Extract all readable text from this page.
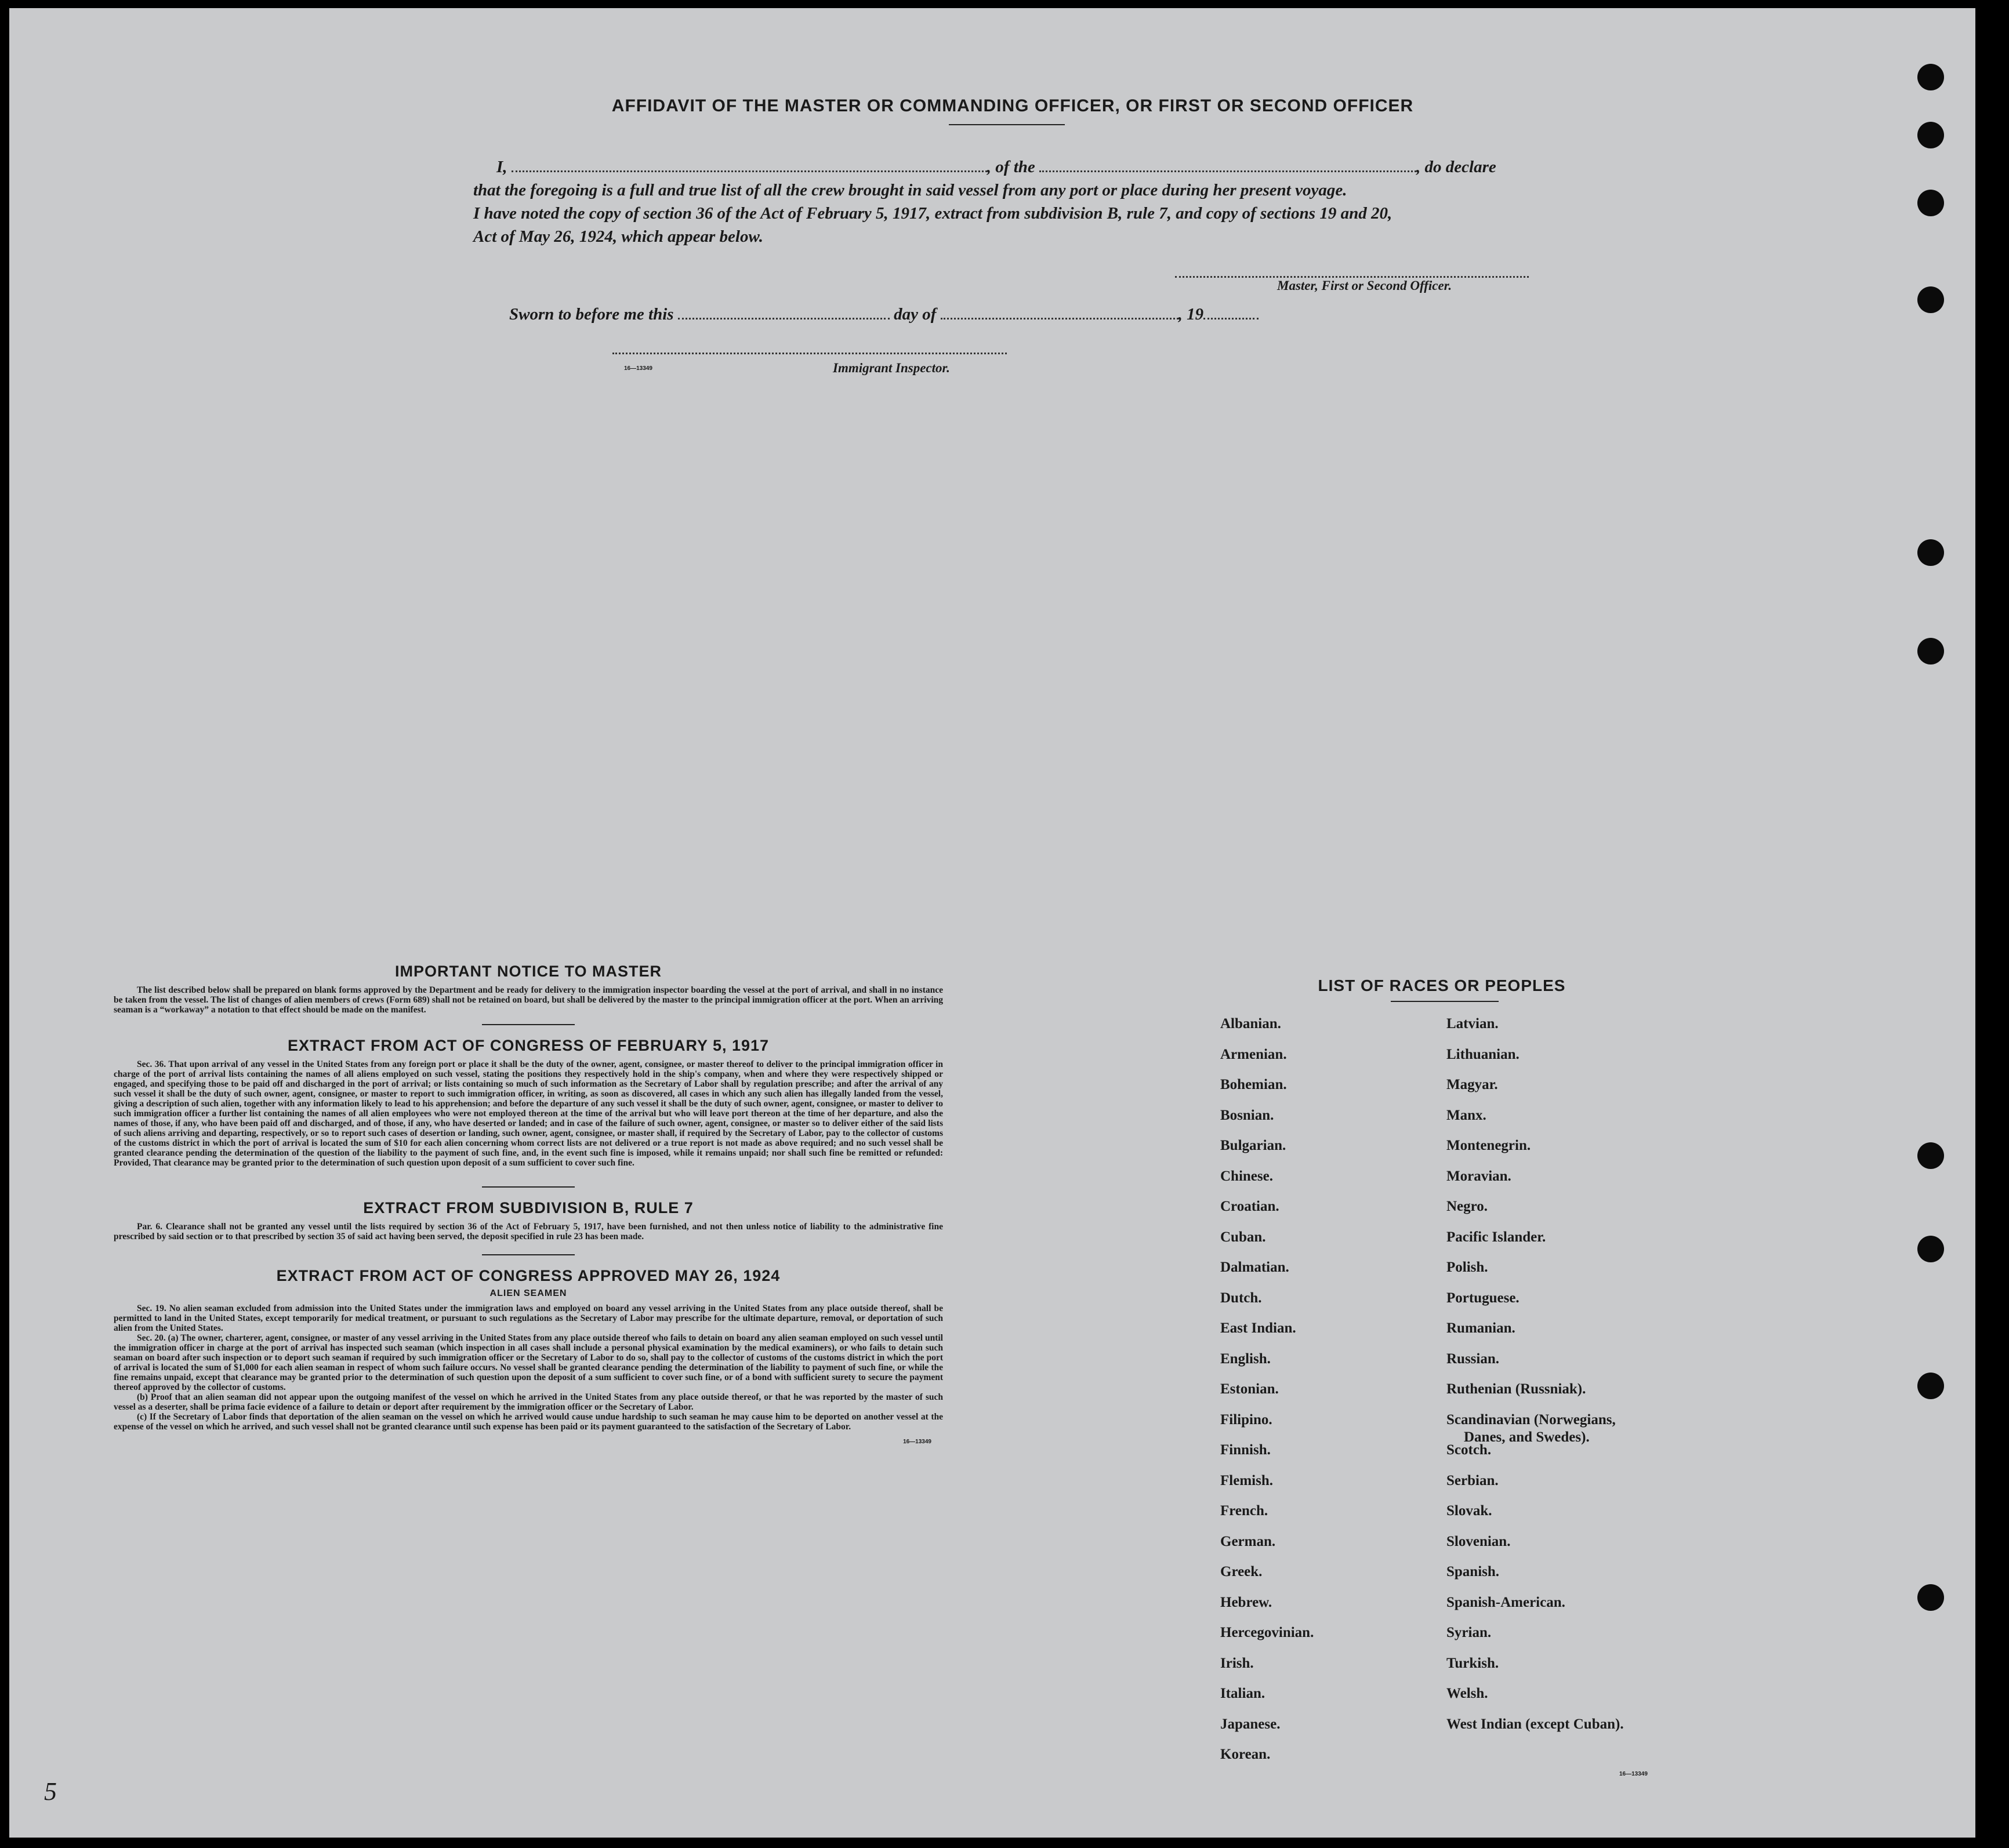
AFFIDAVIT OF THE MASTER OR COMMANDING OFFICER, OR FIRST OR SECOND OFFICER
I,	, of the	, do declare
that the foregoing is a full and true list of all the crew brought in said vessel from any port or place during her present voyage.
I have noted the copy of section 36 of the Act of February 5, 1917, extract from subdivision B, rule 7, and copy of sections 19 and 20,
Act of May 26, 1924, which appear below.
Master, First or Second Officer.
Sworn to before me this	day of	, 19
16—13349	Immigrant Inspector.
IMPORTANT NOTICE TO MASTER

The list described below shall be prepared on blank forms approved by the Department and be ready for delivery to the immigration inspector boarding the vessel at the port of arrival, and shall in no instance be taken from the vessel. The list of changes of alien members of crews (Form 689) shall not be retained on board, but shall be delivered by the master to the principal immigration officer at the port. When an arriving seaman is a “workaway” a notation to that effect should be made on the manifest.

EXTRACT FROM ACT OF CONGRESS OF FEBRUARY 5, 1917

Sec. 36. That upon arrival of any vessel in the United States from any foreign port or place it shall be the duty of the owner, agent, consignee, or master thereof to deliver to the principal immigration officer in charge of the port of arrival lists containing the names of all aliens employed on such vessel, stating the positions they respectively hold in the ship's company, when and where they were respectively shipped or engaged, and specifying those to be paid off and discharged in the port of arrival; or lists containing so much of such information as the Secretary of Labor shall by regulation prescribe; and after the arrival of any such vessel it shall be the duty of such owner, agent, consignee, or master to report to such immigration officer, in writing, as soon as discovered, all cases in which any such alien has illegally landed from the vessel, giving a description of such alien, together with any information likely to lead to his apprehension; and before the departure of any such vessel it shall be the duty of such owner, agent, consignee, or master to deliver to such immigration officer a further list containing the names of all alien employees who were not employed thereon at the time of the arrival but who will leave port thereon at the time of her departure, and also the names of those, if any, who have been paid off and discharged, and of those, if any, who have deserted or landed; and in case of the failure of such owner, agent, consignee, or master so to deliver either of the said lists of such aliens arriving and departing, respectively, or so to report such cases of desertion or landing, such owner, agent, consignee, or master shall, if required by the Secretary of Labor, pay to the collector of customs of the customs district in which the port of arrival is located the sum of $10 for each alien concerning whom correct lists are not delivered or a true report is not made as above required; and no such vessel shall be granted clearance pending the determination of the question of the liability to the payment of such fine, and, in the event such fine is imposed, while it remains unpaid; nor shall such fine be remitted or refunded: Provided, That clearance may be granted prior to the determination of such question upon deposit of a sum sufficient to cover such fine.

EXTRACT FROM SUBDIVISION B, RULE 7

Par. 6. Clearance shall not be granted any vessel until the lists required by section 36 of the Act of February 5, 1917, have been furnished, and not then unless notice of liability to the administrative fine prescribed by said section or to that prescribed by section 35 of said act having been served, the deposit specified in rule 23 has been made.

EXTRACT FROM ACT OF CONGRESS APPROVED MAY 26, 1924
ALIEN SEAMEN

Sec. 19. No alien seaman excluded from admission into the United States under the immigration laws and employed on board any vessel arriving in the United States from any place outside thereof, shall be permitted to land in the United States, except temporarily for medical treatment, or pursuant to such regulations as the Secretary of Labor may prescribe for the ultimate departure, removal, or deportation of such alien from the United States.

Sec. 20. (a) The owner, charterer, agent, consignee, or master of any vessel arriving in the United States from any place outside thereof who fails to detain on board any alien seaman employed on such vessel until the immigration officer in charge at the port of arrival has inspected such seaman (which inspection in all cases shall include a personal physical examination by the medical examiners), or who fails to detain such seaman on board after such inspection or to deport such seaman if required by such immigration officer or the Secretary of Labor to do so, shall pay to the collector of customs of the customs district in which the port of arrival is located the sum of $1,000 for each alien seaman in respect of whom such failure occurs. No vessel shall be granted clearance pending the determination of the liability to payment of such fine, or while the fine remains unpaid, except that clearance may be granted prior to the determination of such question upon the deposit of a sum sufficient to cover such fine, or of a bond with sufficient surety to secure the payment thereof approved by the collector of customs.

(b) Proof that an alien seaman did not appear upon the outgoing manifest of the vessel on which he arrived in the United States from any place outside thereof, or that he was reported by the master of such vessel as a deserter, shall be prima facie evidence of a failure to detain or deport after requirement by the immigration officer or the Secretary of Labor.

(c) If the Secretary of Labor finds that deportation of the alien seaman on the vessel on which he arrived would cause undue hardship to such seaman he may cause him to be deported on another vessel at the expense of the vessel on which he arrived, and such vessel shall not be granted clearance until such expense has been paid or its payment guaranteed to the satisfaction of the Secretary of Labor.

16—13349
LIST OF RACES OR PEOPLES
16—13349
5
Albanian.
Armenian.
Bohemian.
Bosnian.
Bulgarian.
Chinese.
Croatian.
Cuban.
Dalmatian.
Dutch.
East Indian.
English.
Estonian.
Filipino.
Finnish.
Flemish.
French.
German.
Greek.
Hebrew.
Hercegovinian.
Irish.
Italian.
Japanese.
Korean.
Latvian.
Lithuanian.
Magyar.
Manx.
Montenegrin.
Moravian.
Negro.
Pacific Islander.
Polish.
Portuguese.
Rumanian.
Russian.
Ruthenian (Russniak).
Scandinavian (Norwegians,
Danes, and Swedes).
Scotch.
Serbian.
Slovak.
Slovenian.
Spanish.
Spanish-American.
Syrian.
Turkish.
Welsh.
West Indian (except Cuban).
